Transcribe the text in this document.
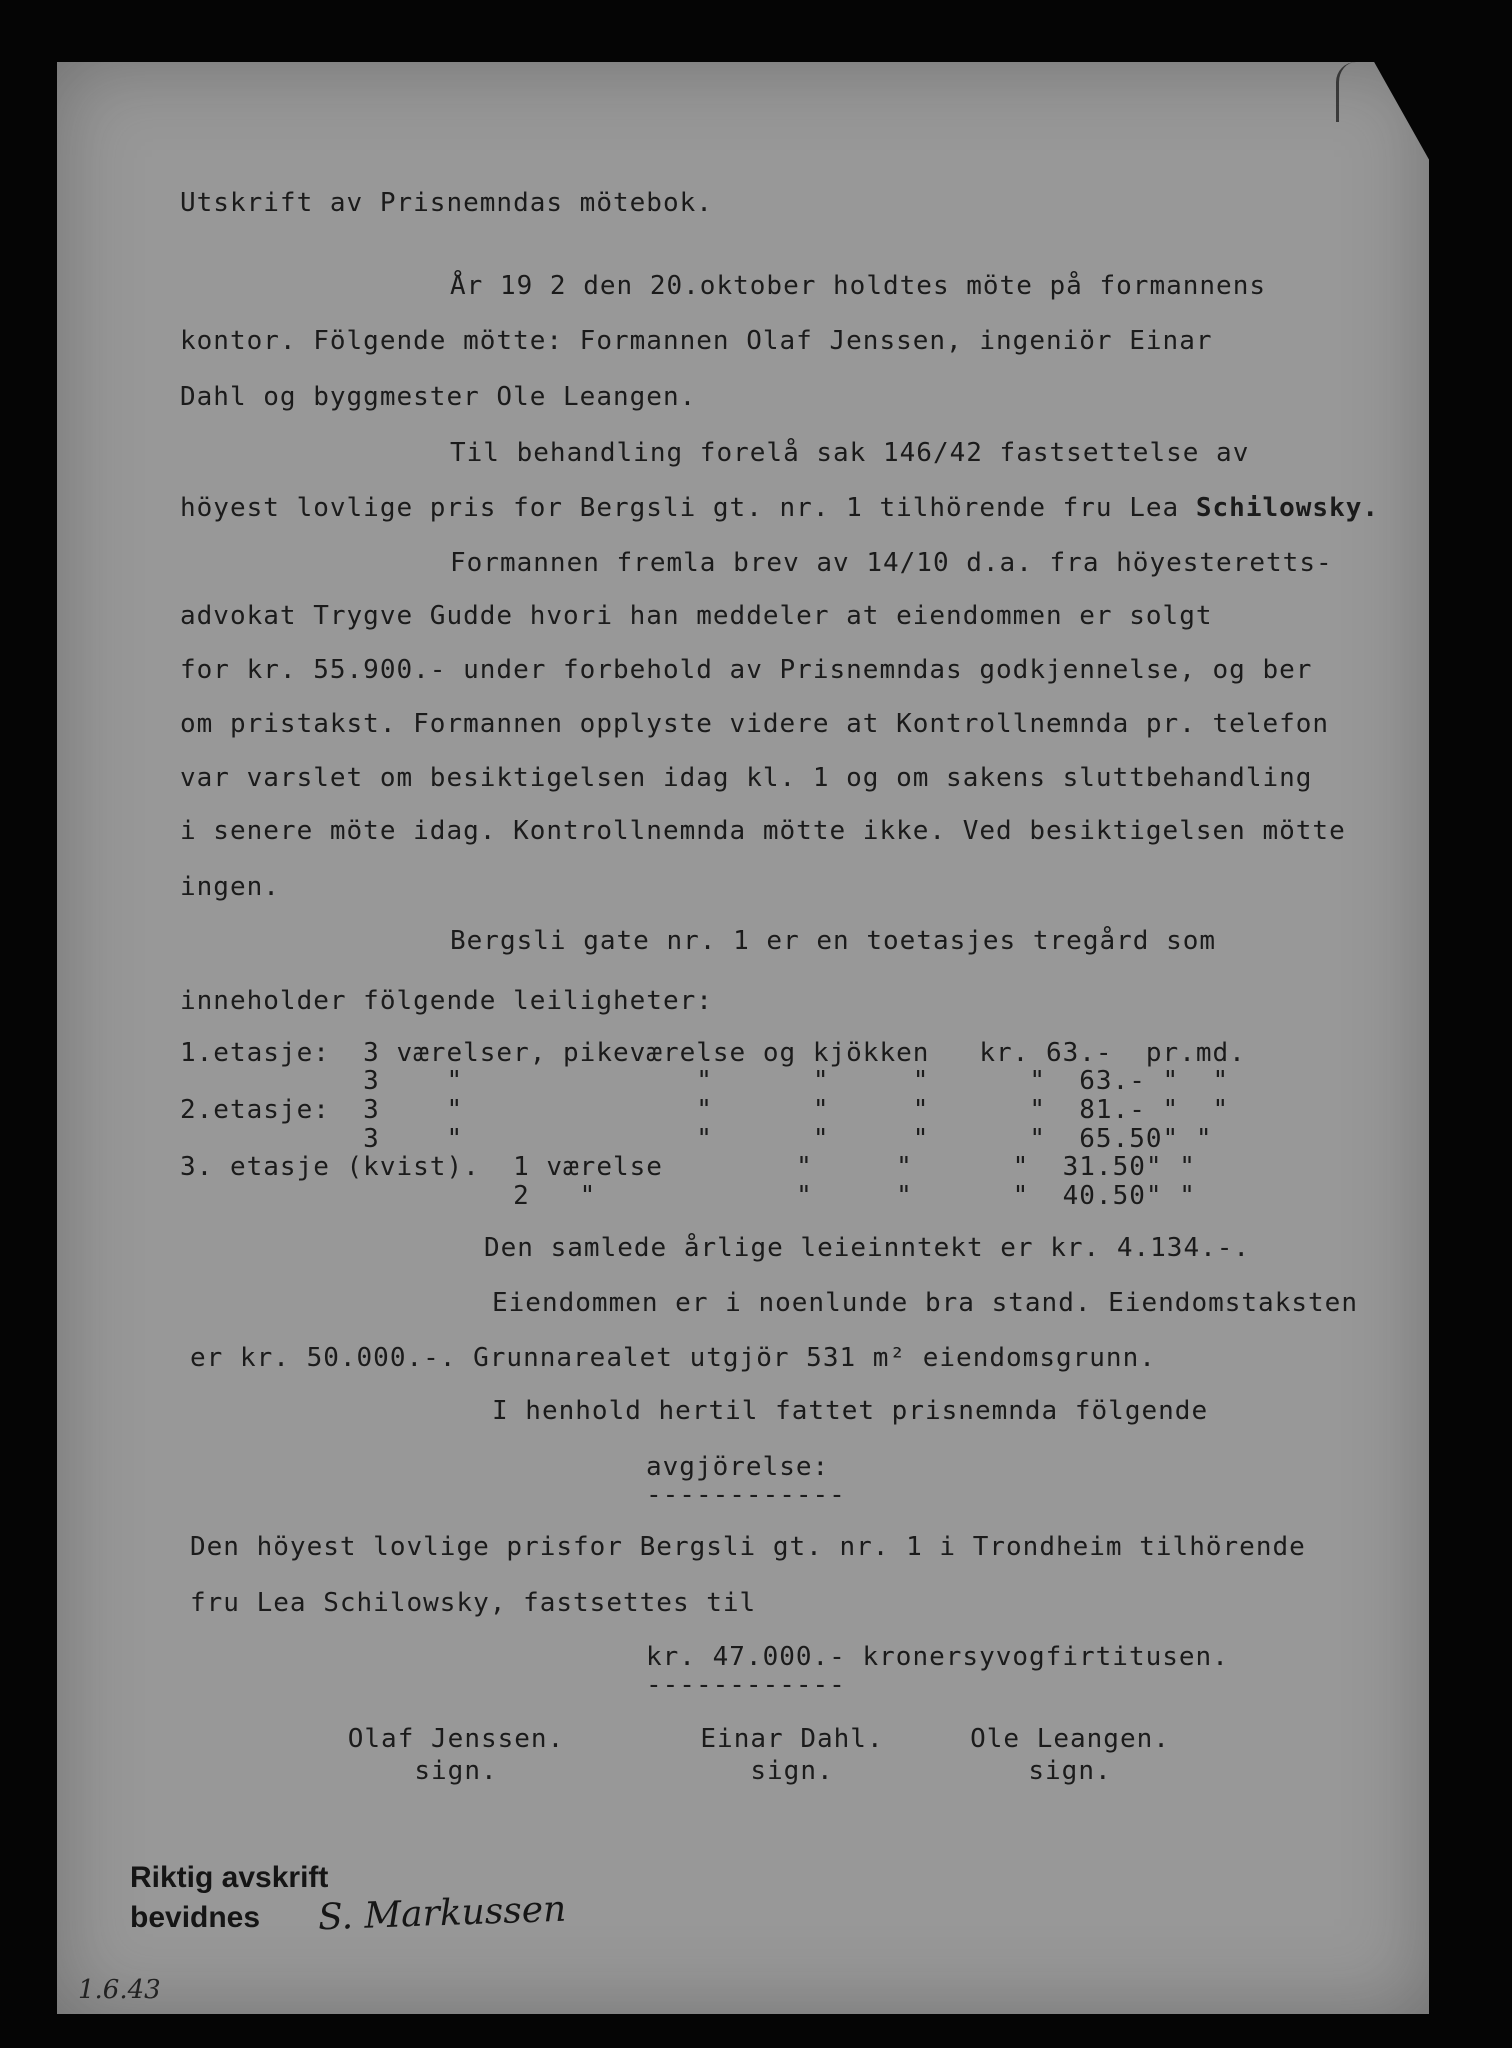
Utskrift av Prisnemndas mötebok.
År 19 2 den 20.oktober holdtes möte på formannens
kontor. Fölgende mötte: Formannen Olaf Jenssen, ingeniör Einar
Dahl og byggmester Ole Leangen.
Til behandling forelå sak 146/42 fastsettelse av
höyest lovlige pris for Bergsli gt. nr. 1 tilhörende fru Lea Schilowsky.
Formannen fremla brev av 14/10 d.a. fra höyesteretts-
advokat Trygve Gudde hvori han meddeler at eiendommen er solgt
for kr. 55.900.- under forbehold av Prisnemndas godkjennelse, og ber
om pristakst. Formannen opplyste videre at Kontrollnemnda pr. telefon
var varslet om besiktigelsen idag kl. 1 og om sakens sluttbehandling
i senere möte idag. Kontrollnemnda mötte ikke. Ved besiktigelsen mötte
ingen.
Bergsli gate nr. 1 er en toetasjes tregård som
inneholder fölgende leiligheter:
1.etasje:  3 værelser, pikeværelse og kjökken   kr. 63.-  pr.md.
3    "              "      "     "      "  63.- "  "
2.etasje:  3    "              "      "     "      "  81.- "  "
3    "              "      "     "      "  65.50" "
3. etasje (kvist).  1 værelse        "     "      "  31.50" "
2   "            "     "      "  40.50" "
Den samlede årlige leieinntekt er kr. 4.134.-.
Eiendommen er i noenlunde bra stand. Eiendomstaksten
er kr. 50.000.-. Grunnarealet utgjör 531 m² eiendomsgrunn.
I henhold hertil fattet prisnemnda fölgende
avgjörelse:
------------
Den höyest lovlige prisfor Bergsli gt. nr. 1 i Trondheim tilhörende
fru Lea Schilowsky, fastsettes til
kr. 47.000.- kronersyvogfirtitusen.
------------
Olaf Jenssen.
sign.
Einar Dahl.
sign.
Ole Leangen.
sign.
Riktig avskrift
bevidnes	S. Markussen
1.6.43
